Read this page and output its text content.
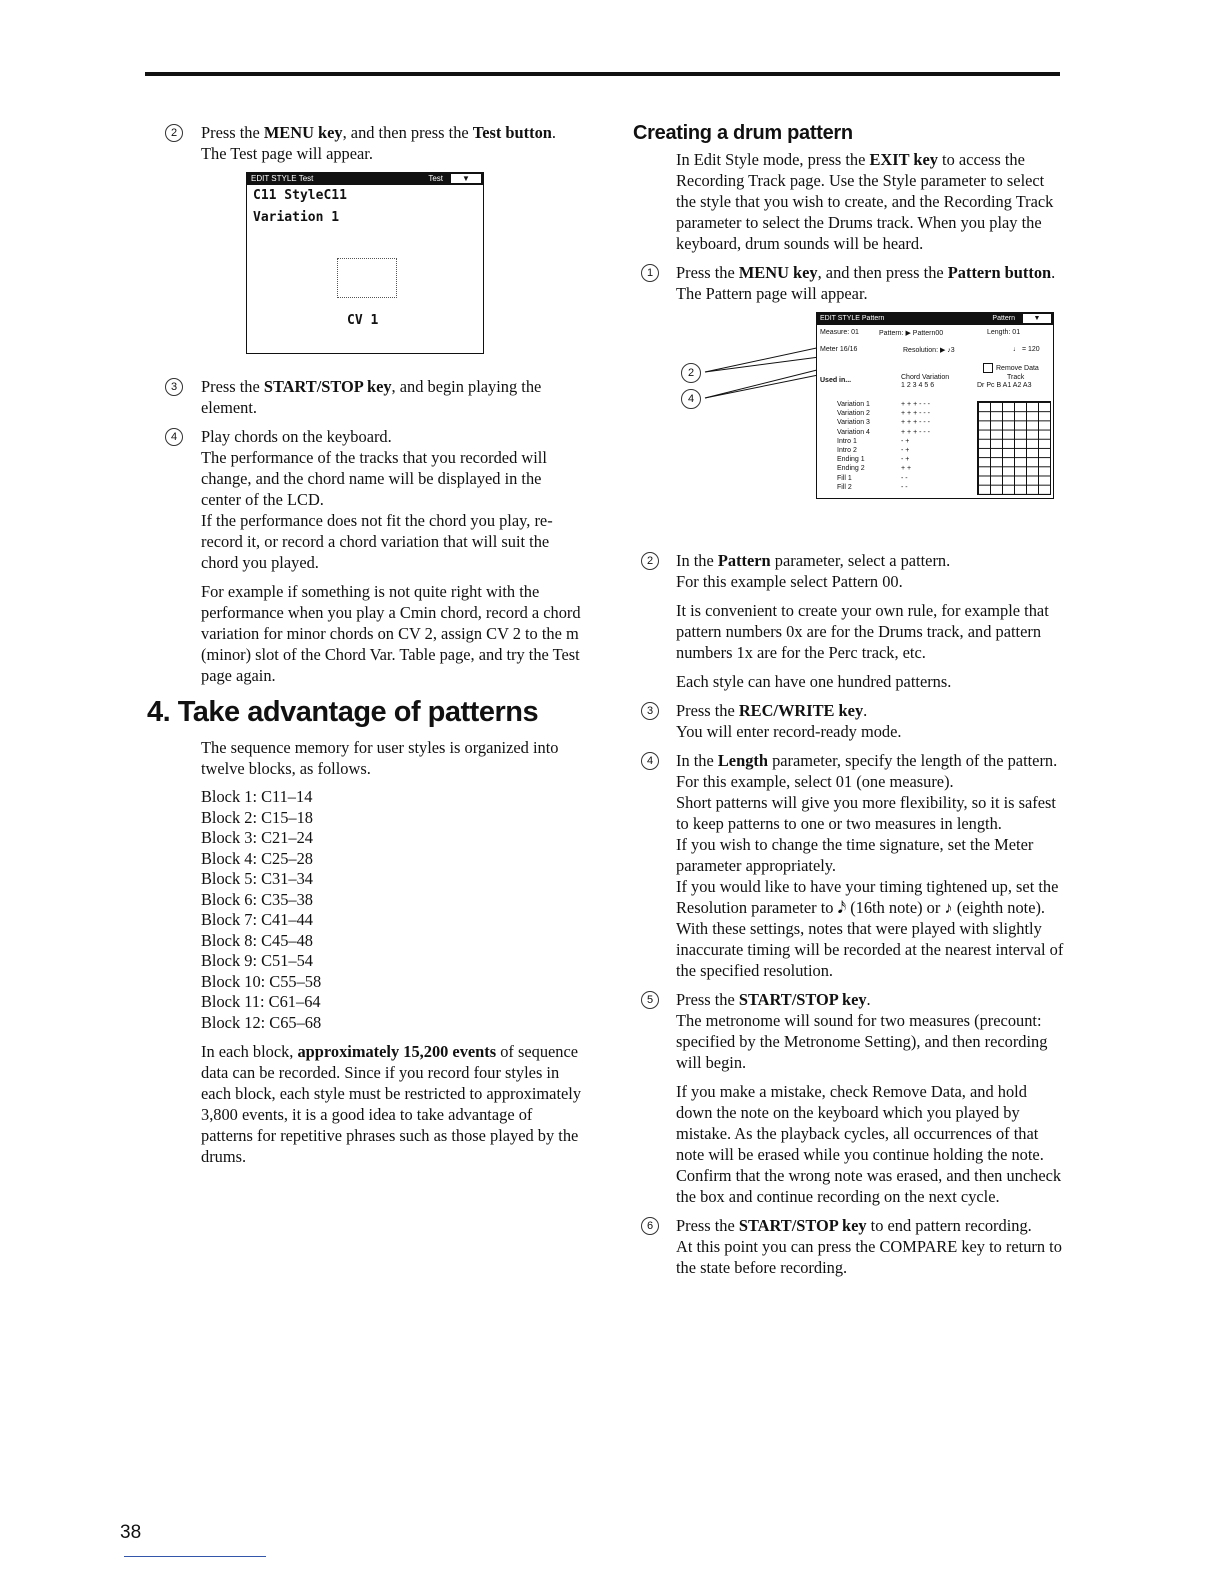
2	Press the MENU key, and then press the Test button.
The Test page will appear.
EDIT STYLE Test	Test	▼
C11 StyleC11
Variation 1
CV 1
3	Press the START/STOP key, and begin playing the element.
4	Play chords on the keyboard.
The performance of the tracks that you recorded will change, and the chord name will be displayed in the center of the LCD.
If the performance does not fit the chord you play, re-record it, or record a chord variation that will suit the chord you played.
For example if something is not quite right with the performance when you play a Cmin chord, record a chord variation for minor chords on CV 2, assign CV 2 to the m (minor) slot of the Chord Var. Table page, and try the Test page again.
4. Take advantage of patterns

The sequence memory for user styles is organized into twelve blocks, as follows.

Block 1: C11–14
Block 2: C15–18
Block 3: C21–24
Block 4: C25–28
Block 5: C31–34
Block 6: C35–38
Block 7: C41–44
Block 8: C45–48
Block 9: C51–54
Block 10: C55–58
Block 11: C61–64
Block 12: C65–68

In each block, approximately 15,200 events of sequence data can be recorded. Since if you record four styles in each block, each style must be restricted to approximately 3,800 events, it is a good idea to take advantage of patterns for repetitive phrases such as those played by the drums.

Creating a drum pattern

In Edit Style mode, press the EXIT key to access the Recording Track page. Use the Style parameter to select the style that you wish to create, and the Recording Track parameter to select the Drums track. When you play the keyboard, drum sounds will be heard.

1	Press the MENU key, and then press the Pattern button.
The Pattern page will appear.
2
4
EDIT STYLE Pattern	Pattern	▼
Measure: 01	Pattern: ▶ Pattern00	Length: 01
Meter 16/16	Resolution: ▶ ♪3	♩ = 120
Remove Data
Used in...	Chord Variation
1 2 3 4 5 6
Track
Dr Pc B A1 A2 A3
Variation 1	+ + + - - -
Variation 2	+ + + - - -
Variation 3	+ + + - - -
Variation 4	+ + + - - -
Intro 1	- +
Intro 2	- +
Ending 1	- +
Ending 2	+ +
Fill 1	- -
Fill 2	- -
2	In the Pattern parameter, select a pattern.
For this example select Pattern 00.
It is convenient to create your own rule, for example that pattern numbers 0x are for the Drums track, and pattern numbers 1x are for the Perc track, etc.
Each style can have one hundred patterns.
3	Press the REC/WRITE key.
You will enter record-ready mode.
4	In the Length parameter, specify the length of the pattern.
For this example, select 01 (one measure).
Short patterns will give you more flexibility, so it is safest to keep patterns to one or two measures in length.
If you wish to change the time signature, set the Meter parameter appropriately.
If you would like to have your timing tightened up, set the Resolution parameter to 𝅘𝅥𝅯 (16th note) or ♪ (eighth note). With these settings, notes that were played with slightly inaccurate timing will be recorded at the nearest interval of the specified resolution.
5	Press the START/STOP key.
The metronome will sound for two measures (precount: specified by the Metronome Setting), and then recording will begin.
If you make a mistake, check Remove Data, and hold down the note on the keyboard which you played by mistake. As the playback cycles, all occurrences of that note will be erased while you continue holding the note. Confirm that the wrong note was erased, and then uncheck the box and continue recording on the next cycle.
6	Press the START/STOP key to end pattern recording.
At this point you can press the COMPARE key to return to the state before recording.
38
